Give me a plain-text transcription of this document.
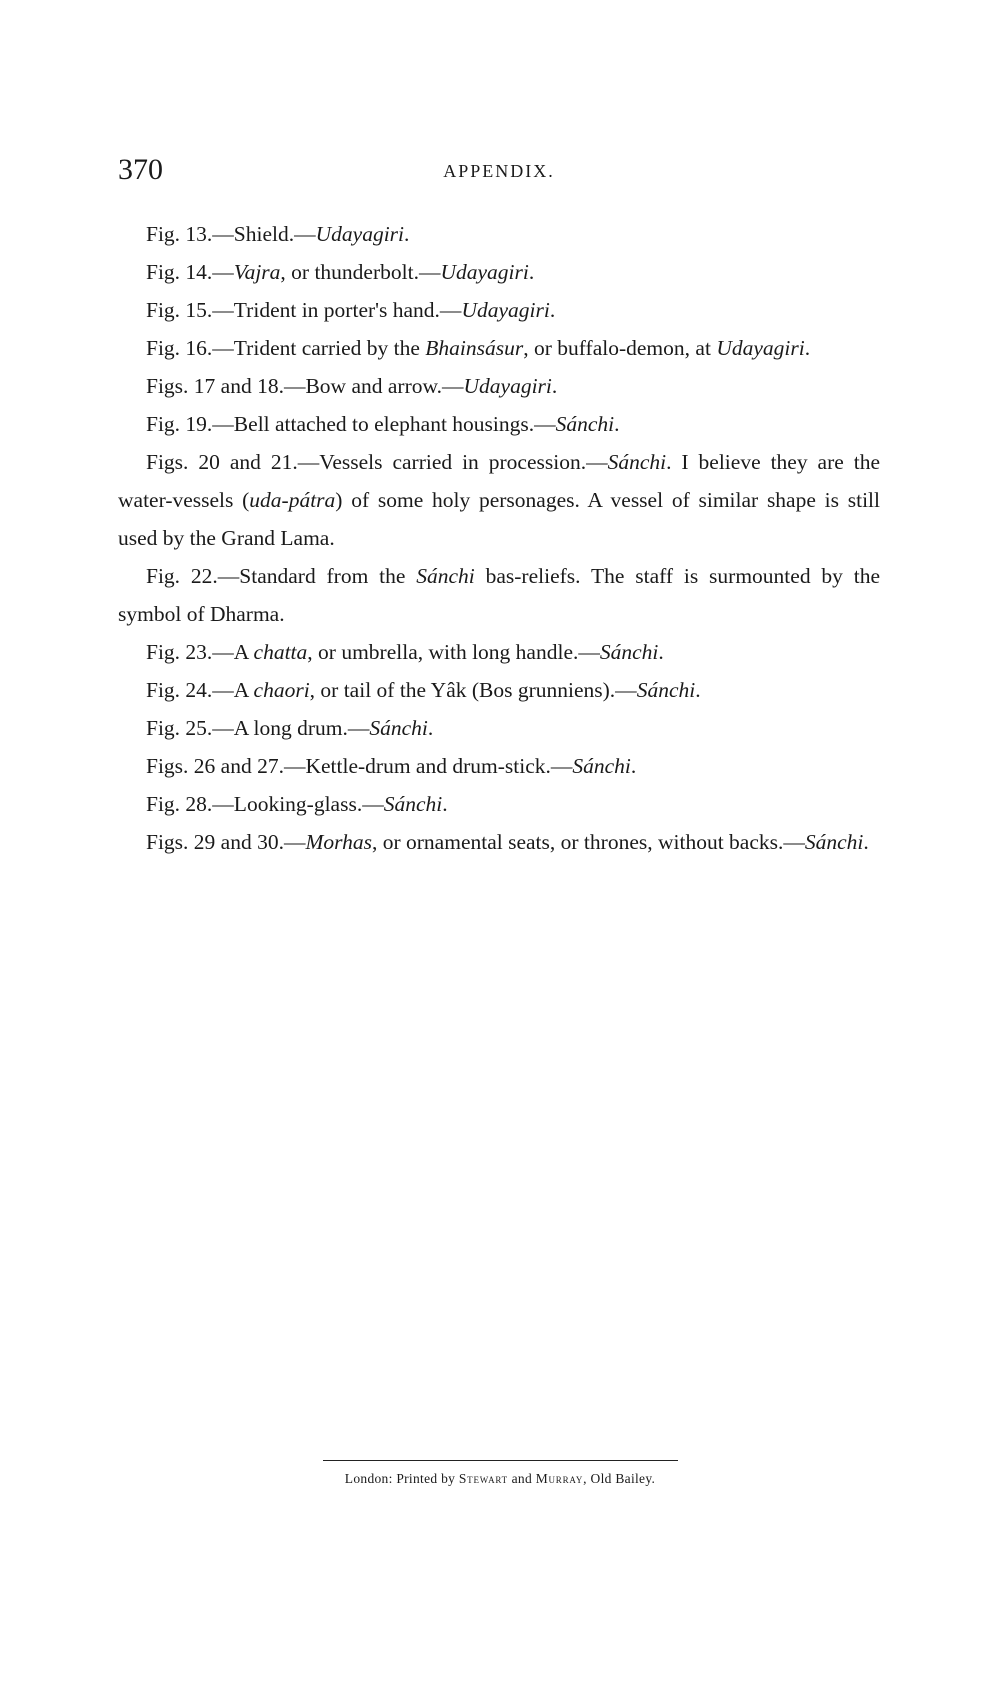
370	APPENDIX.

Fig. 13.—Shield.—Udayagiri.

Fig. 14.—Vajra, or thunderbolt.—Udayagiri.

Fig. 15.—Trident in porter's hand.—Udayagiri.

Fig. 16.—Trident carried by the Bhainsásur, or buffalo-demon, at Udayagiri.

Figs. 17 and 18.—Bow and arrow.—Udayagiri.

Fig. 19.—Bell attached to elephant housings.—Sánchi.

Figs. 20 and 21.—Vessels carried in procession.—Sánchi. I believe they are the water-vessels (uda-pátra) of some holy personages. A vessel of similar shape is still used by the Grand Lama.

Fig. 22.—Standard from the Sánchi bas-reliefs. The staff is surmounted by the symbol of Dharma.

Fig. 23.—A chatta, or umbrella, with long handle.—Sánchi.

Fig. 24.—A chaori, or tail of the Yâk (Bos grunniens).—Sánchi.

Fig. 25.—A long drum.—Sánchi.

Figs. 26 and 27.—Kettle-drum and drum-stick.—Sánchi.

Fig. 28.—Looking-glass.—Sánchi.

Figs. 29 and 30.—Morhas, or ornamental seats, or thrones, without backs.—Sánchi.

London: Printed by Stewart and Murray, Old Bailey.
